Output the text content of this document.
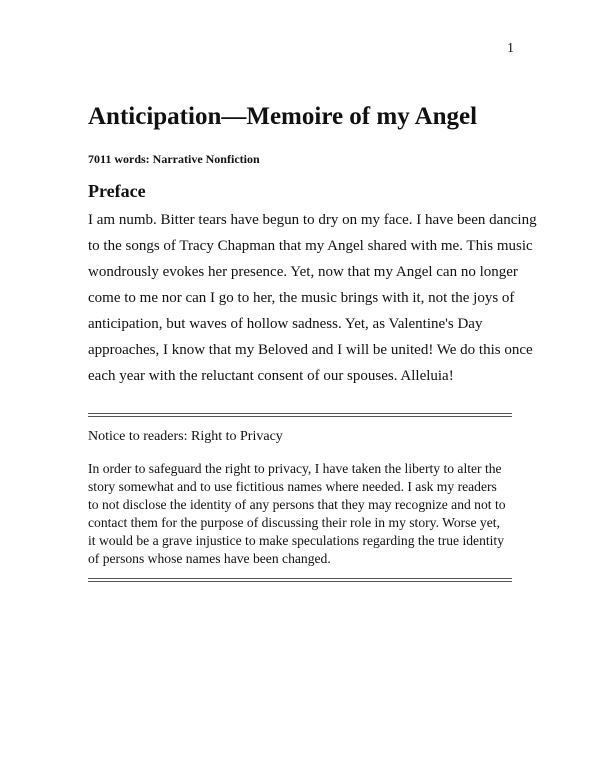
1
Anticipation—Memoire of my Angel
7011 words: Narrative Nonfiction
Preface
I am numb. Bitter tears have begun to dry on my face. I have been dancing
to the songs of Tracy Chapman that my Angel shared with me. This music
wondrously evokes her presence. Yet, now that my Angel can no longer
come to me nor can I go to her, the music brings with it, not the joys of
anticipation, but waves of hollow sadness. Yet, as Valentine's Day
approaches, I know that my Beloved and I will be united! We do this once
each year with the reluctant consent of our spouses. Alleluia!
Notice to readers: Right to Privacy
In order to safeguard the right to privacy, I have taken the liberty to alter the
story somewhat and to use fictitious names where needed. I ask my readers
to not disclose the identity of any persons that they may recognize and not to
contact them for the purpose of discussing their role in my story. Worse yet,
it would be a grave injustice to make speculations regarding the true identity
of persons whose names have been changed.
